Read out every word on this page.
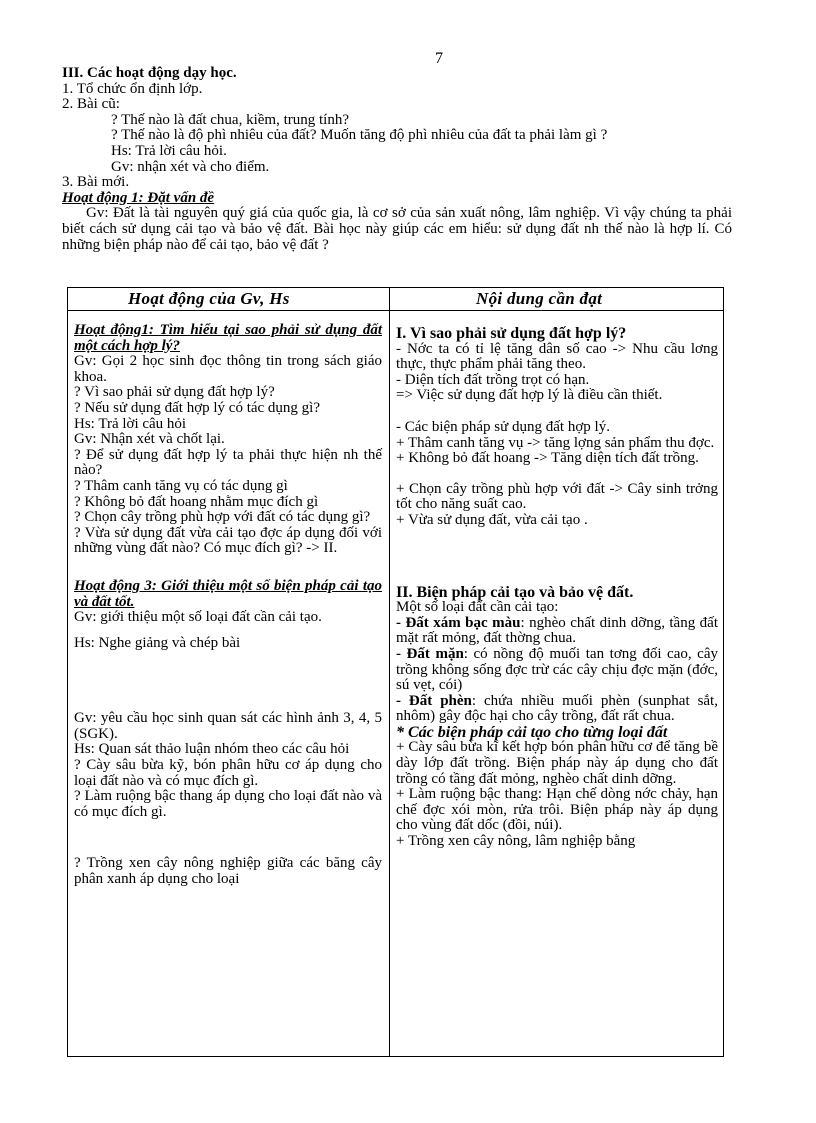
7
III. Các hoạt động dạy học.
1. Tổ chức ổn định lớp.
2. Bài cũ:
? Thế nào là đất chua, kiềm, trung tính?
? Thế nào là độ phì nhiêu của đất? Muốn tăng độ phì nhiêu của đất ta phải làm gì ?
Hs: Trả lời câu hỏi.
Gv: nhận xét và cho điểm.
3. Bài mới.
Hoạt động 1: Đặt vấn đề
Gv: Đất là tài nguyên quý giá của quốc gia, là cơ sở của sản xuất nông, lâm nghiệp. Vì vậy chúng ta phải biết cách sử dụng cải tạo và bảo vệ đất. Bài học này giúp các em hiểu: sử dụng đất nh thế nào là hợp lí. Có những biện pháp nào để cải tạo, bảo vệ đất ?
Hoạt động của Gv, Hs	Nội dung cần đạt
Hoạt động1: Tìm hiểu tại sao phải sử dụng đất một cách hợp lý?
Gv: Gọi 2 học sinh đọc thông tin trong sách giáo khoa.
? Vì sao phải sử dụng đất hợp lý?
? Nếu sử dụng đất hợp lý có tác dụng gì?
Hs: Trả lời câu hỏi
Gv: Nhận xét và chốt lại.
? Để sử dụng đất hợp lý ta phải thực hiện nh thế nào?
? Thâm canh tăng vụ có tác dụng gì
? Không bỏ đất hoang nhằm mục đích gì
? Chọn cây trồng phù hợp với đất có tác dụng gì?
? Vừa sử dụng đất vừa cải tạo đợc áp dụng đối với những vùng đất nào? Có mục đích gì? -> II.
Hoạt động 3: Giới thiệu một số biện pháp cải tạo và đất tốt.
Gv: giới thiệu một số loại đất cần cải tạo.
Hs: Nghe giảng và chép bài
Gv: yêu cầu học sinh quan sát các hình ảnh 3, 4, 5 (SGK).
Hs: Quan sát thảo luận nhóm theo các câu hỏi
? Cày sâu bừa kỹ, bón phân hữu cơ áp dụng cho loại đất nào và có mục đích gì.
? Làm ruộng bậc thang áp dụng cho loại đất nào và có mục đích gì.
? Trồng xen cây nông nghiệp giữa các băng cây phân xanh áp dụng cho loại
I. Vì sao phải sử dụng đất hợp lý?
- Nớc ta có tỉ lệ tăng dân số cao -> Nhu cầu lơng thực, thực phẩm phải tăng theo.
- Diện tích đất trồng trọt có hạn.
=> Việc sử dụng đất hợp lý là điều cần thiết.
- Các biện pháp sử dụng đất hợp lý.
+ Thâm canh tăng vụ -> tăng lợng sản phẩm thu đợc.
+ Không bỏ đất hoang -> Tăng diện tích đất trồng.
+ Chọn cây trồng phù hợp với đất -> Cây sinh trởng tốt cho năng suất cao.
+ Vừa sử dụng đất, vừa cải tạo .
II. Biện pháp cải tạo và bảo vệ đất.
Một số loại đất cần cải tạo:
- Đất xám bạc màu: nghèo chất dinh dỡng, tầng đất mặt rất mỏng, đất thờng chua.
- Đất mặn: có nồng độ muối tan tơng đối cao, cây trồng không sống đợc trừ các cây chịu đợc mặn (đớc, sú vẹt, cói)
- Đất phèn: chứa nhiều muối phèn (sunphat sắt, nhôm) gây độc hại cho cây trồng, đất rất chua.
* Các biện pháp cải tạo cho từng loại đất
+ Cày sâu bừa kĩ kết hợp bón phân hữu cơ để tăng bề dày lớp đất trồng. Biện pháp này áp dụng cho đất trồng có tầng đất mỏng, nghèo chất dinh dỡng.
+ Làm ruộng bậc thang: Hạn chế dòng nớc chảy, hạn chế đợc xói mòn, rửa trôi. Biện pháp này áp dụng cho vùng đất dốc (đồi, núi).
+ Trồng xen cây nông, lâm nghiệp bằng
